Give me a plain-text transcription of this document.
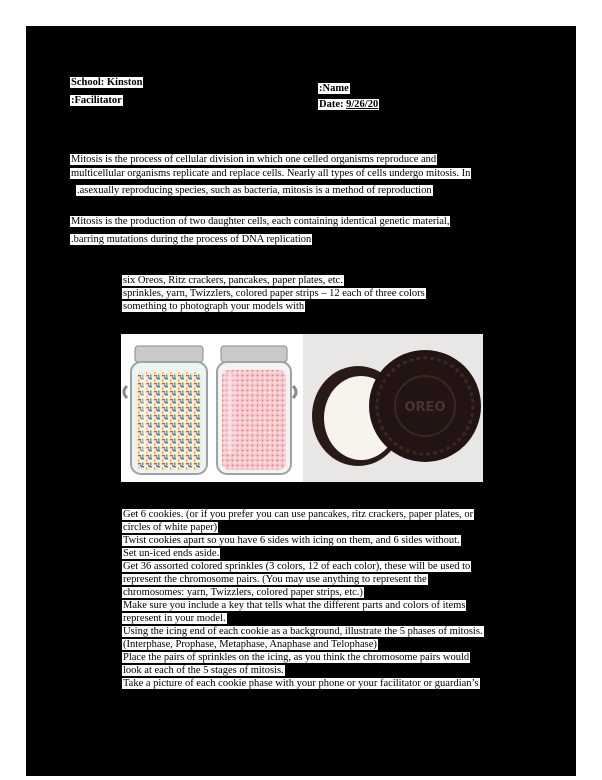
School: Kinston
:Facilitator
:Name
Date: 9/26/20
Mitosis is the process of cellular division in which one celled organisms reproduce and
multicellular organisms replicate and replace cells. Nearly all types of cells undergo mitosis. In
.asexually reproducing species, such as bacteria, mitosis is a method of reproduction
Mitosis is the production of two daughter cells, each containing identical genetic material,
.barring mutations during the process of DNA replication
six Oreos, Ritz crackers, pancakes, paper plates, etc.
sprinkles, yarn, Twizzlers, colored paper strips – 12 each of three colors
something to photograph your models with
OREO
Get 6 cookies. (or if you prefer you can use pancakes, ritz crackers, paper plates, or
circles of white paper)
Twist cookies apart so you have 6 sides with icing on them, and 6 sides without.
Set un-iced ends aside.
Get 36 assorted colored sprinkles (3 colors, 12 of each color), these will be used to
represent the chromosome pairs. (You may use anything to represent the
chromosomes: yarn, Twizzlers, colored paper strips, etc.)
Make sure you include a key that tells what the different parts and colors of items
represent in your model.
Using the icing end of each cookie as a background, illustrate the 5 phases of mitosis.
(Interphase, Prophase, Metaphase, Anaphase and Telophase)
Place the pairs of sprinkles on the icing, as you think the chromosome pairs would
look at each of the 5 stages of mitosis.
Take a picture of each cookie phase with your phone or your facilitator or guardian’s
